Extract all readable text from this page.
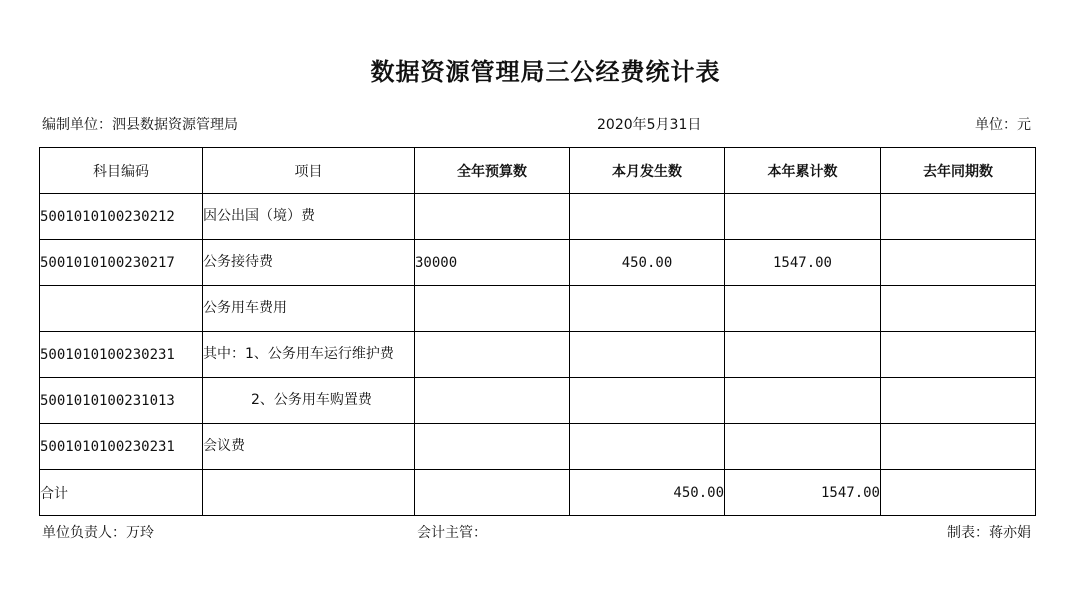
数据资源管理局三公经费统计表
编制单位：泗县数据资源管理局	2020年5月31日	单位：元
科目编码	项目	全年预算数	本月发生数	本年累计数	去年同期数
5001010100230212	因公出国（境）费				
5001010100230217	公务接待费	30000	450.00	1547.00	
	公务用车费用				
5001010100230231	其中：1、公务用车运行维护费				
5001010100231013	2、公务用车购置费				
5001010100230231	会议费				
合计			450.00	1547.00	
单位负责人：万玲	会计主管：	制表：蒋亦娟
